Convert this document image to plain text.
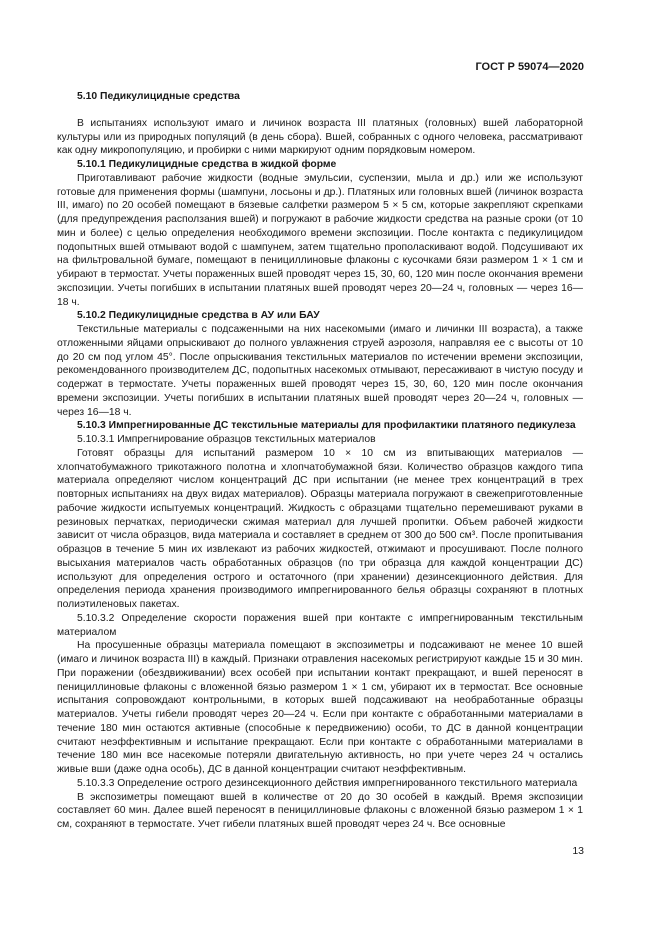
ГОСТ Р 59074—2020

5.10 Педикулицидные средства

В испытаниях используют имаго и личинок возраста III платяных (головных) вшей лабораторной культуры или из природных популяций (в день сбора). Вшей, собранных с одного человека, рассматривают как одну микропопуляцию, и пробирки с ними маркируют одним порядковым номером.

5.10.1 Педикулицидные средства в жидкой форме

Приготавливают рабочие жидкости (водные эмульсии, суспензии, мыла и др.) или же используют готовые для применения формы (шампуни, лосьоны и др.). Платяных или головных вшей (личинок возраста III, имаго) по 20 особей помещают в бязевые салфетки размером 5 × 5 см, которые закрепляют скрепками (для предупреждения расползания вшей) и погружают в рабочие жидкости средства на разные сроки (от 10 мин и более) с целью определения необходимого времени экспозиции. После контакта с педикулицидом подопытных вшей отмывают водой с шампунем, затем тщательно прополаскивают водой. Подсушивают их на фильтровальной бумаге, помещают в пенициллиновые флаконы с кусочками бязи размером 1 × 1 см и убирают в термостат. Учеты пораженных вшей проводят через 15, 30, 60, 120 мин после окончания времени экспозиции. Учеты погибших в испытании платяных вшей проводят через 20—24 ч, головных — через 16—18 ч.

5.10.2 Педикулицидные средства в АУ или БАУ

Текстильные материалы с подсаженными на них насекомыми (имаго и личинки III возраста), а также отложенными яйцами опрыскивают до полного увлажнения струей аэрозоля, направляя ее с высоты от 10 до 20 см под углом 45°. После опрыскивания текстильных материалов по истечении времени экспозиции, рекомендованного производителем ДС, подопытных насекомых отмывают, пересаживают в чистую посуду и содержат в термостате. Учеты пораженных вшей проводят через 15, 30, 60, 120 мин после окончания времени экспозиции. Учеты погибших в испытании платяных вшей проводят через 20—24 ч, головных — через 16—18 ч.

5.10.3 Импрегнированные ДС текстильные материалы для профилактики платяного педикулеза

5.10.3.1 Импрегнирование образцов текстильных материалов

Готовят образцы для испытаний размером 10 × 10 см из впитывающих материалов — хлопчатобумажного трикотажного полотна и хлопчатобумажной бязи. Количество образцов каждого типа материала определяют числом концентраций ДС при испытании (не менее трех концентраций в трех повторных испытаниях на двух видах материалов). Образцы материала погружают в свежеприготовленные рабочие жидкости испытуемых концентраций. Жидкость с образцами тщательно перемешивают руками в резиновых перчатках, периодически сжимая материал для лучшей пропитки. Объем рабочей жидкости зависит от числа образцов, вида материала и составляет в среднем от 300 до 500 см³. После пропитывания образцов в течение 5 мин их извлекают из рабочих жидкостей, отжимают и просушивают. После полного высыхания материалов часть обработанных образцов (по три образца для каждой концентрации ДС) используют для определения острого и остаточного (при хранении) дезинсекционного действия. Для определения периода хранения производимого импрегнированного белья образцы сохраняют в плотных полиэтиленовых пакетах.

5.10.3.2 Определение скорости поражения вшей при контакте с импрегнированным текстильным материалом

На просушенные образцы материала помещают в экспозиметры и подсаживают не менее 10 вшей (имаго и личинок возраста III) в каждый. Признаки отравления насекомых регистрируют каждые 15 и 30 мин. При поражении (обездвиживании) всех особей при испытании контакт прекращают, и вшей переносят в пенициллиновые флаконы с вложенной бязью размером 1 × 1 см, убирают их в термостат. Все основные испытания сопровождают контрольными, в которых вшей подсаживают на необработанные образцы материалов. Учеты гибели проводят через 20—24 ч. Если при контакте с обработанными материалами в течение 180 мин остаются активные (способные к передвижению) особи, то ДС в данной концентрации считают неэффективным и испытание прекращают. Если при контакте с обработанными материалами в течение 180 мин все насекомые потеряли двигательную активность, но при учете через 24 ч остались живые вши (даже одна особь), ДС в данной концентрации считают неэффективным.

5.10.3.3 Определение острого дезинсекционного действия импрегнированного текстильного материала

В экспозиметры помещают вшей в количестве от 20 до 30 особей в каждый. Время экспозиции составляет 60 мин. Далее вшей переносят в пенициллиновые флаконы с вложенной бязью размером 1 × 1 см, сохраняют в термостате. Учет гибели платяных вшей проводят через 24 ч. Все основные

13
